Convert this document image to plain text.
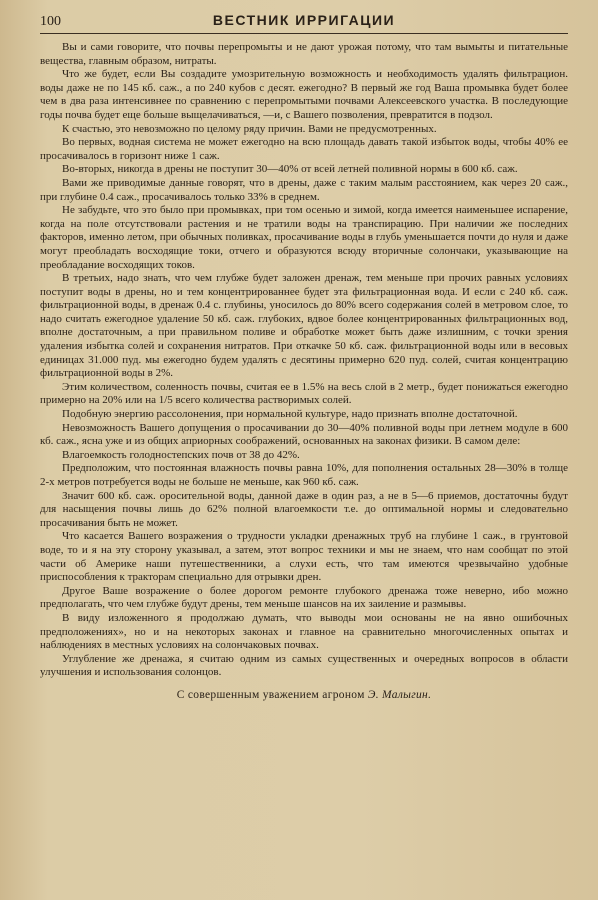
100	ВЕСТНИК ИРРИГАЦИИ

Вы и сами говорите, что почвы перепромыты и не дают урожая потому, что там вымыты и питательные вещества, главным образом, нитраты.

Что же будет, если Вы создадите умозрительную возможность и необходимость удалять фильтрацион. воды даже не по 145 кб. саж., а по 240 кубов с десят. ежегодно? В первый же год Ваша промывка будет более чем в два раза интенсивнее по сравнению с перепромытыми почвами Алексеевского участка. В последующие годы почва будет еще больше выщелачиваться, —и, с Вашего позволения, превратится в подзол.

К счастью, это невозможно по целому ряду причин. Вами не предусмотренных.

Во первых, водная система не может ежегодно на всю площадь давать такой избыток воды, чтобы 40% ее просачивалось в горизонт ниже 1 саж.

Во-вторых, никогда в дрены не поступит 30—40% от всей летней поливной нормы в 600 кб. саж.

Вами же приводимые данные говорят, что в дрены, даже с таким малым расстоянием, как через 20 саж., при глубине 0.4 саж., просачивалось только 33% в среднем.

Не забудьте, что это было при промывках, при том осенью и зимой, когда имеется наименьшее испарение, когда на поле отсутствовали растения и не тратили воды на транспирацию. При наличии же последних факторов, именно летом, при обычных поливках, просачивание воды в глубь уменьшается почти до нуля и даже могут преобладать восходящие токи, отчего и образуются всюду вторичные солончаки, указывающие на преобладание восходящих токов.

В третьих, надо знать, что чем глубже будет заложен дренаж, тем меньше при прочих равных условиях поступит воды в дрены, но и тем концентрированнее будет эта фильтрационная вода. И если с 240 кб. саж. фильтрационной воды, в дренаж 0.4 с. глубины, уносилось до 80% всего содержания солей в метровом слое, то надо считать ежегодное удаление 50 кб. саж. глубоких, вдвое более концентрированных фильтрационных вод, вполне достаточным, а при правильном поливе и обработке может быть даже излишним, с точки зрения удаления избытка солей и сохранения нитратов. При откачке 50 кб. саж. фильтрационной воды или в весовых единицах 31.000 пуд. мы ежегодно будем удалять с десятины примерно 620 пуд. солей, считая концентрацию фильтрационной воды в 2%.

Этим количеством, соленность почвы, считая ее в 1.5% на весь слой в 2 метр., будет понижаться ежегодно примерно на 20% или на 1/5 всего количества растворимых солей.

Подобную энергию рассолонения, при нормальной культуре, надо признать вполне достаточной.

Невозможность Вашего допущения о просачивании до 30—40% поливной воды при летнем модуле в 600 кб. саж., ясна уже и из общих априорных соображений, основанных на законах физики. В самом деле:

Влагоемкость голодностепских почв от 38 до 42%.

Предположим, что постоянная влажность почвы равна 10%, для пополнения остальных 28—30% в толще 2-х метров потребуется воды не больше не меньше, как 960 кб. саж.

Значит 600 кб. саж. оросительной воды, данной даже в один раз, а не в 5—6 приемов, достаточны будут для насыщения почвы лишь до 62% полной влагоемкости т.е. до оптимальной нормы и следовательно просачивания быть не может.

Что касается Вашего возражения о трудности укладки дренажных труб на глубине 1 саж., в грунтовой воде, то и я на эту сторону указывал, а затем, этот вопрос техники и мы не знаем, что нам сообщат по этой части об Америке наши путешественники, а слухи есть, что там имеются чрезвычайно удобные приспособления к тракторам специально для отрывки дрен.

Другое Ваше возражение о более дорогом ремонте глубокого дренажа тоже неверно, ибо можно предполагать, что чем глубже будут дрены, тем меньше шансов на их заиление и размывы.

В виду изложенного я продолжаю думать, что выводы мои основаны не на явно ошибочных предположениях», но и на некоторых законах и главное на сравнительно многочисленных опытах и наблюдениях в местных условиях на солончаковых почвах.

Углубление же дренажа, я считаю одним из самых существенных и очередных вопросов в области улучшения и использования солонцов.

С совершенным уважением агроном Э. Малыгин.
